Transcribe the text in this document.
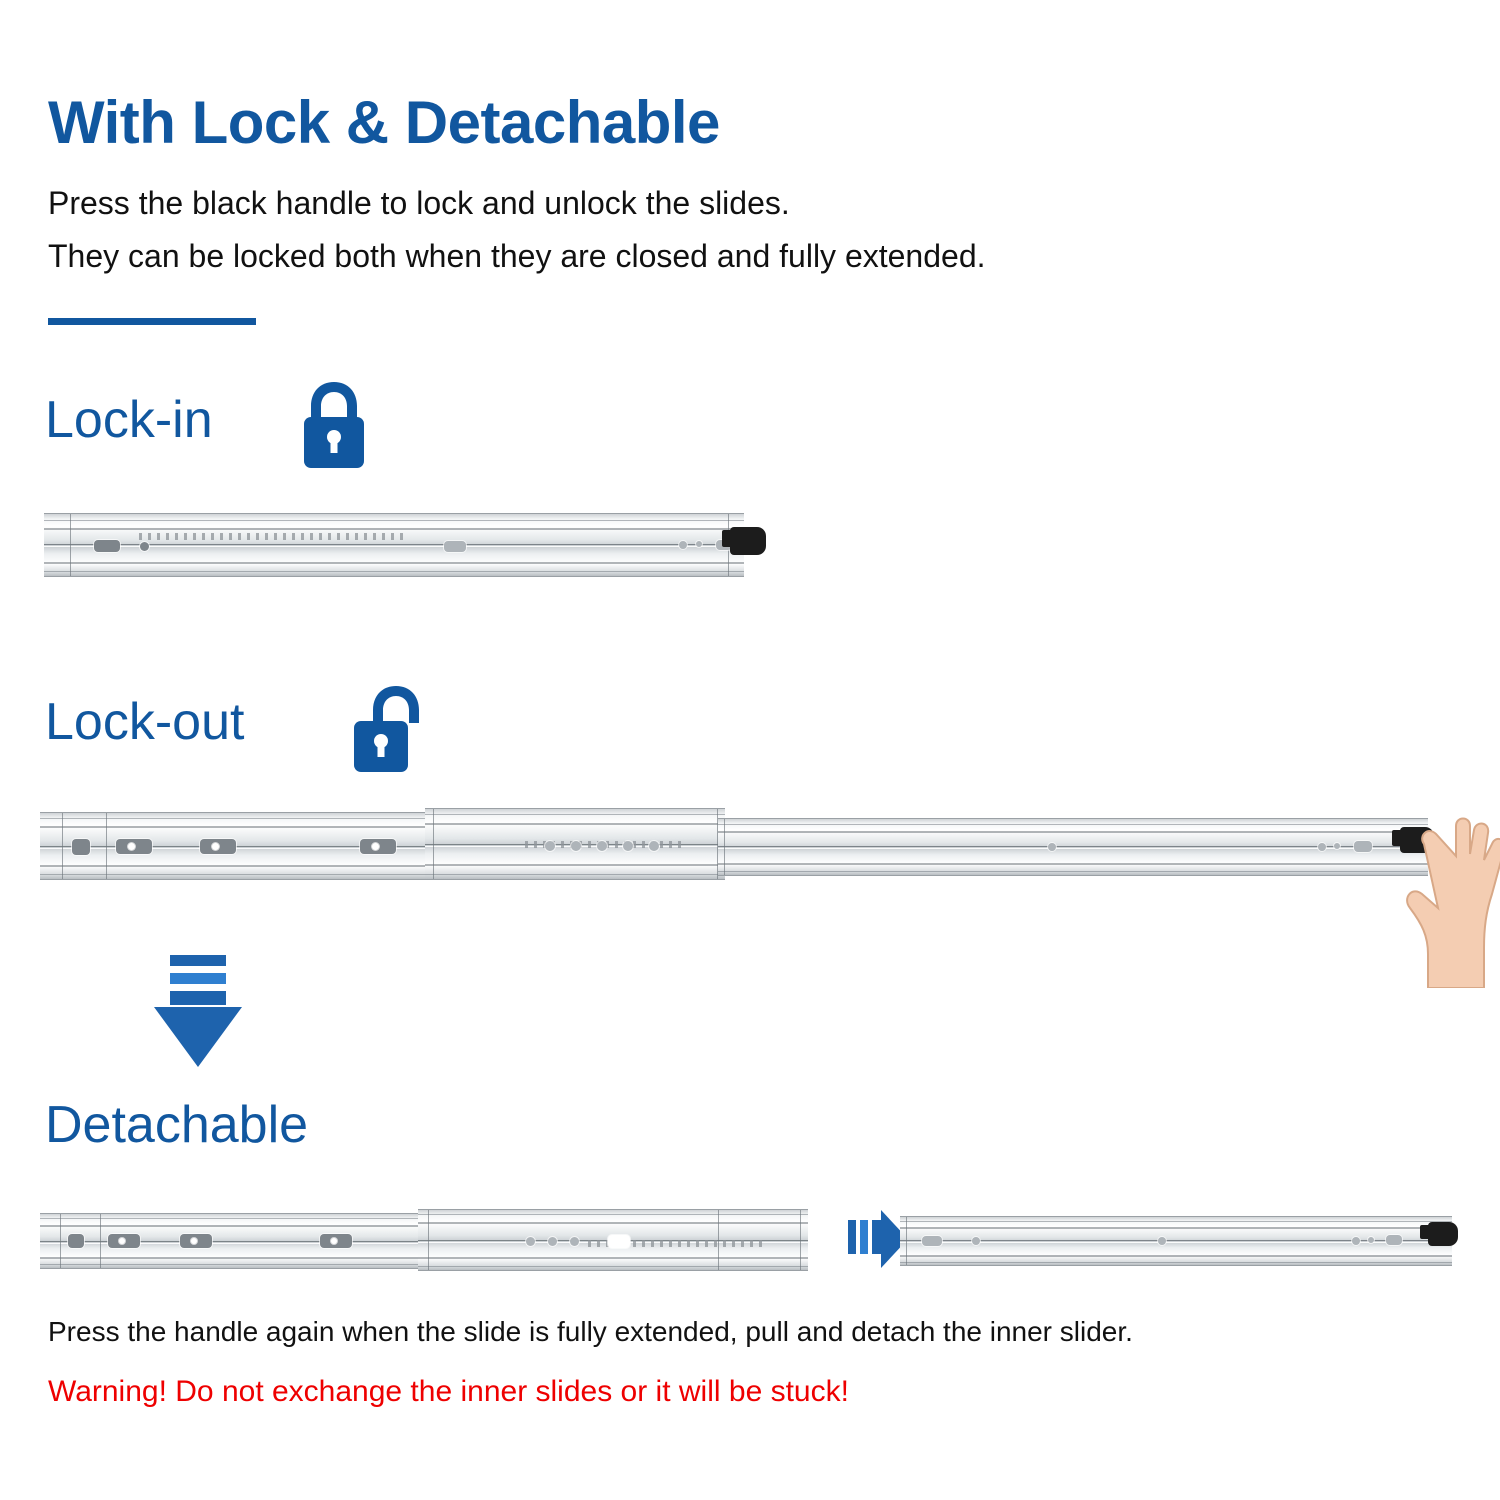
With Lock & Detachable
Press the black handle to lock and unlock the slides.
They can be locked both when they are closed and fully extended.
Lock-in
Lock-out
Detachable
Press the handle again when the slide is fully extended, pull and detach the inner slider.
Warning! Do not exchange the inner slides or it will be stuck!
